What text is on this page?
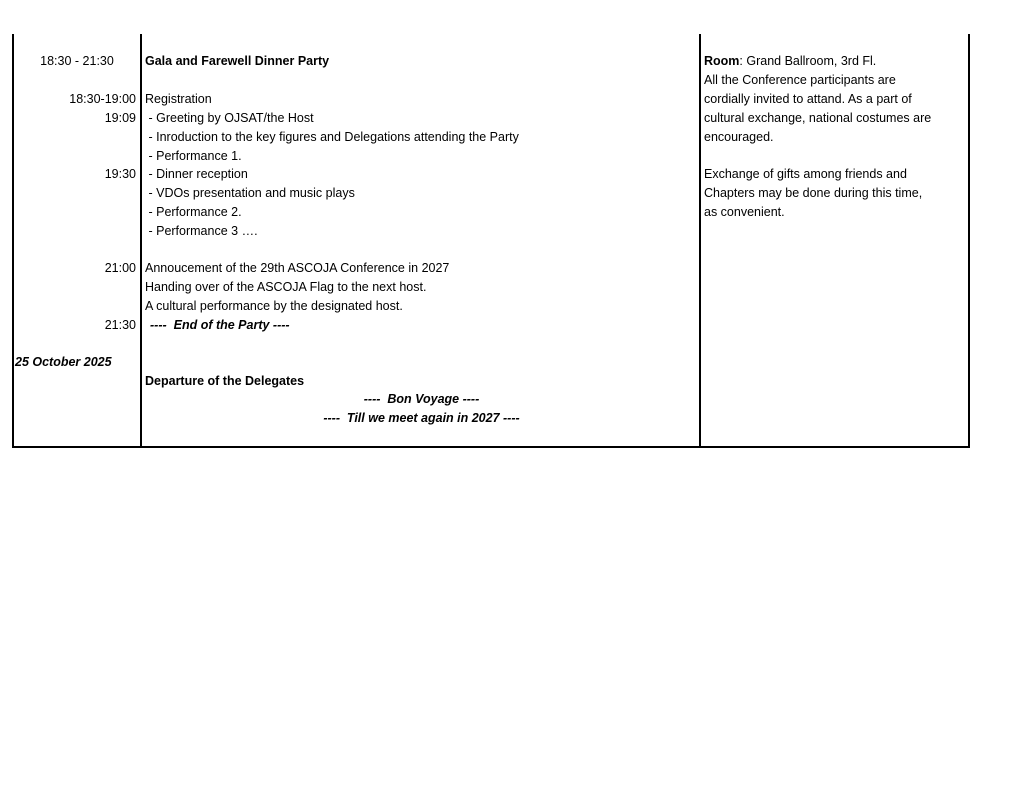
18:30 - 21:30	Gala and Farewell Dinner Party
18:30-19:00 Registration
19:09 - Greeting by OJSAT/the Host
- Inroduction to the key figures and Delegations attending the Party
- Performance 1.
19:30 - Dinner reception
- VDOs presentation and music plays
- Performance 2.
- Performance 3 ….
21:00 Annoucement of the 29th ASCOJA Conference in 2027
Handing over of the ASCOJA Flag to the next host.
A cultural performance by the designated host.
21:30 ----  End of the Party ----
25 October 2025
Departure of the Delegates
----  Bon Voyage ----
----  Till we meet again in 2027 ----
Room: Grand Ballroom, 3rd Fl.
All the Conference participants are
cordially invited to attand. As a part of
cultural exchange, national costumes are
encouraged.
Exchange of gifts among friends and
Chapters may be done during this time,
as convenient.
